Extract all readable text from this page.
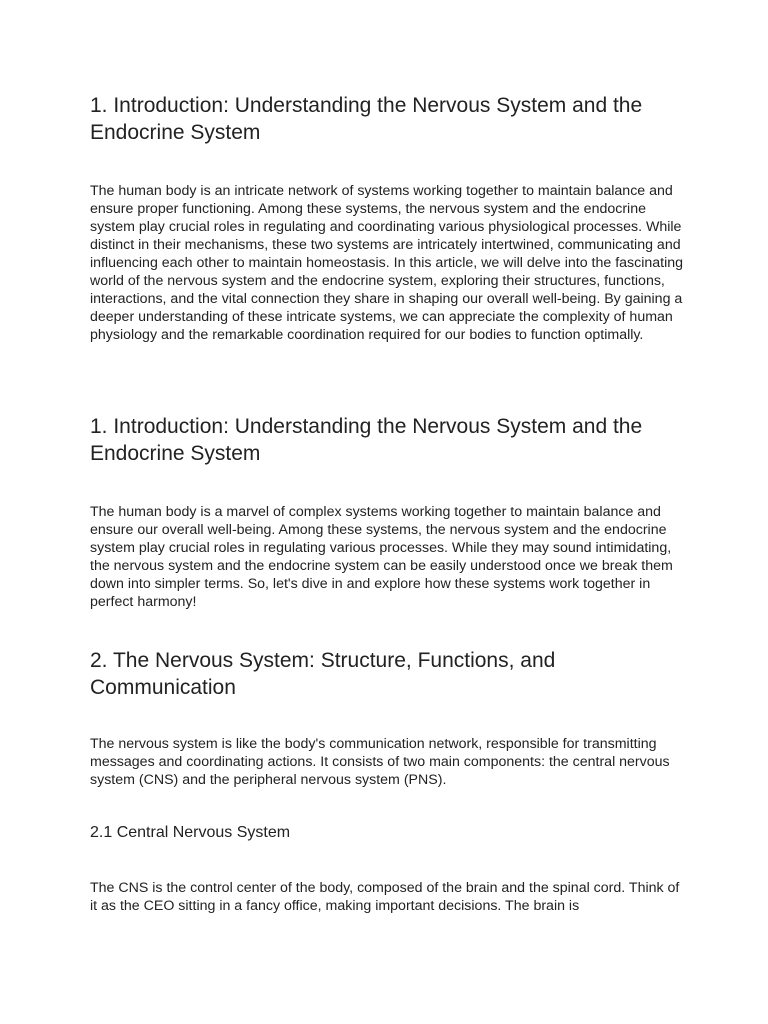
1. Introduction: Understanding the Nervous System and the Endocrine System

The human body is an intricate network of systems working together to maintain balance and ensure proper functioning. Among these systems, the nervous system and the endocrine system play crucial roles in regulating and coordinating various physiological processes. While distinct in their mechanisms, these two systems are intricately intertwined, communicating and influencing each other to maintain homeostasis. In this article, we will delve into the fascinating world of the nervous system and the endocrine system, exploring their structures, functions, interactions, and the vital connection they share in shaping our overall well-being. By gaining a deeper understanding of these intricate systems, we can appreciate the complexity of human physiology and the remarkable coordination required for our bodies to function optimally.

1. Introduction: Understanding the Nervous System and the Endocrine System

The human body is a marvel of complex systems working together to maintain balance and ensure our overall well-being. Among these systems, the nervous system and the endocrine system play crucial roles in regulating various processes. While they may sound intimidating, the nervous system and the endocrine system can be easily understood once we break them down into simpler terms. So, let's dive in and explore how these systems work together in perfect harmony!

2. The Nervous System: Structure, Functions, and Communication

The nervous system is like the body's communication network, responsible for transmitting messages and coordinating actions. It consists of two main components: the central nervous system (CNS) and the peripheral nervous system (PNS).

2.1 Central Nervous System

The CNS is the control center of the body, composed of the brain and the spinal cord. Think of it as the CEO sitting in a fancy office, making important decisions. The brain is
